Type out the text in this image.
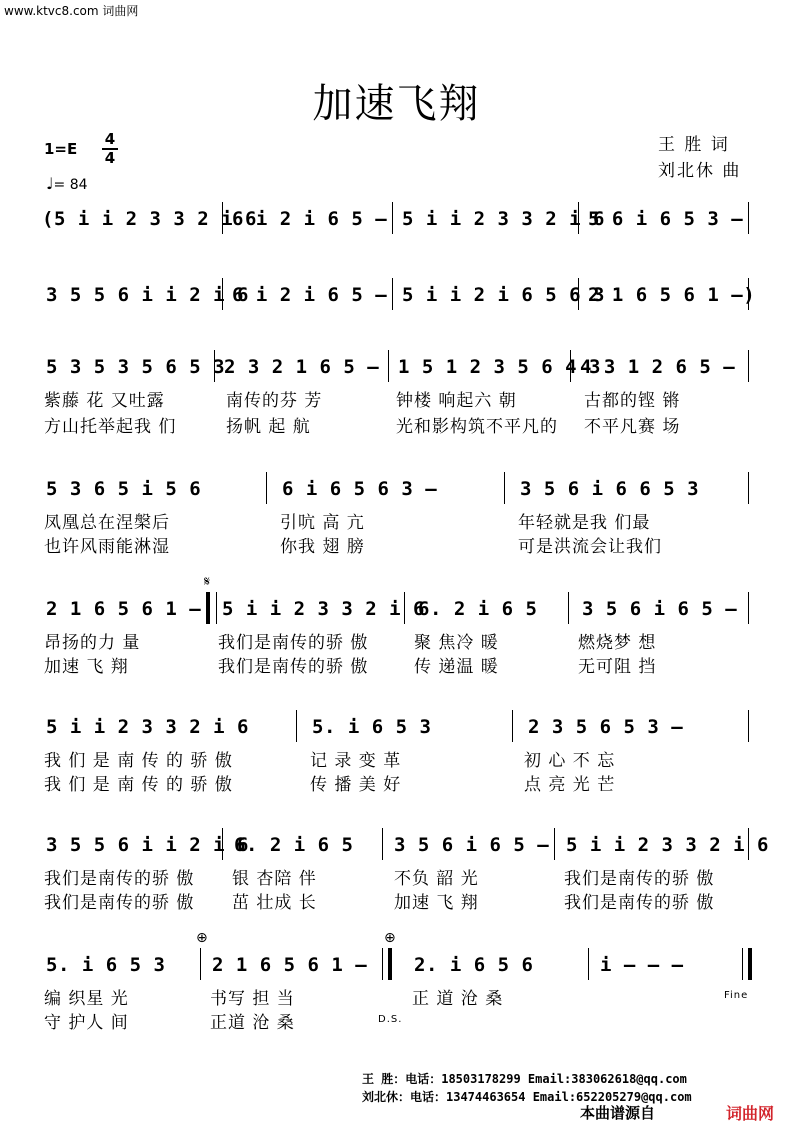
www.ktvc8.com 词曲网
加速飞翔
1=E
4
4
♩= 84
王 胜 词
刘北休 曲
(5 i i 2 3 3 2 i 6
6 i 2 i 6 5 – 5 i i 2 3 3 2 i 6
5 6 i 6 5 3 –
3 5 5 6 i i 2 i 6
6 i 2 i 6 5 – 5 i i 2 i 6 5 6 3
2 1 6 5 6 1 –)
5 3 5 3 5 6 5 3
2 3 2 1 6 5 – 1 5 1 2 3 5 6 4 3
4 3 1 2 6 5 –
紫藤 花 又吐露	南传的芬 芳	钟楼 响起六 朝	古都的铿 锵
方山托举起我 们	扬帆 起 航	光和影构筑不平凡的 不平凡赛 场
5 3 6 5 i 5 6	6 i 6 5 6 3 –	3 5 6 i 6 6 5 3
凤凰总在涅槃后	引吭 高 亢	年轻就是我 们最
也许风雨能淋湿	你我 翅 膀	可是洪流会让我们
𝄋
2 1 6 5 6 1 – 5 i i 2 3 3 2 i 6
6. 2 i 6 5 3 5 6 i 6 5 –
昂扬的力 量	我们是南传的骄 傲	聚 焦冷 暖	燃烧梦 想
加速 飞 翔	我们是南传的骄 傲	传 递温 暖	无可阻 挡
5 i i 2 3 3 2 i 6	5. i 6 5 3	2 3 5 6 5 3 –
我 们 是 南 传 的 骄 傲	记 录 变 革	初 心 不 忘
我 们 是 南 传 的 骄 傲	传 播 美 好	点 亮 光 芒
3 5 5 6 i i 2 i 6
6. 2 i 6 5 3 5 6 i 6 5 – 5 i i 2 3 3 2 i 6
我们是南传的骄 傲 银 杏陪 伴	不负 韶 光	我们是南传的骄 傲
我们是南传的骄 傲 茁 壮成 长	加速 飞 翔	我们是南传的骄 傲
⊕	⊕
5. i 6 5 3 2 1 6 5 6 1 – 2. i 6 5 6	i – – –
编 织星 光	书写 担 当	正 道 沧 桑	Fine
守 护人 间	正道 沧 桑	D.S.
王 胜：电话：18503178299 Email:383062618@qq.com
刘北休：电话：13474463654 Email:652205279@qq.com
本曲谱源自	词曲网
